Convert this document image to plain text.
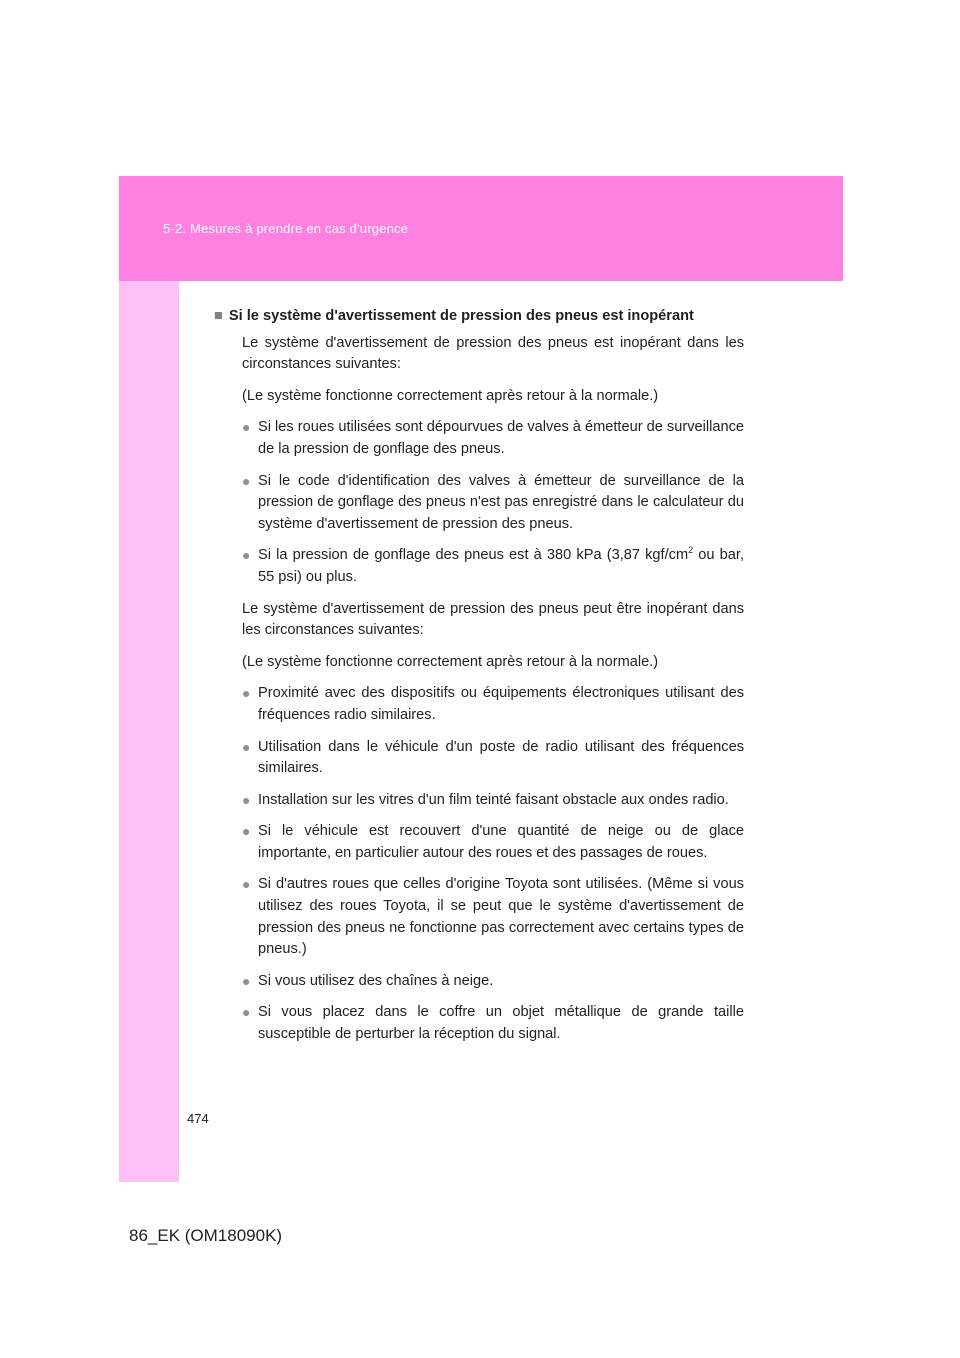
5-2. Mesures à prendre en cas d'urgence
■ Si le système d'avertissement de pression des pneus est inopérant
Le système d'avertissement de pression des pneus est inopérant dans les circonstances suivantes:
(Le système fonctionne correctement après retour à la normale.)
● Si les roues utilisées sont dépourvues de valves à émetteur de surveillance de la pression de gonflage des pneus.
● Si le code d'identification des valves à émetteur de surveillance de la pression de gonflage des pneus n'est pas enregistré dans le calculateur du système d'avertissement de pression des pneus.
● Si la pression de gonflage des pneus est à 380 kPa (3,87 kgf/$cm^2$ ou bar, 55 psi) ou plus.
Le système d'avertissement de pression des pneus peut être inopérant dans les circonstances suivantes:
(Le système fonctionne correctement après retour à la normale.)
● Proximité avec des dispositifs ou équipements électroniques utilisant des fréquences radio similaires.
● Utilisation dans le véhicule d'un poste de radio utilisant des fréquences similaires.
● Installation sur les vitres d'un film teinté faisant obstacle aux ondes radio.
● Si le véhicule est recouvert d'une quantité de neige ou de glace importante, en particulier autour des roues et des passages de roues.
● Si d'autres roues que celles d'origine Toyota sont utilisées. (Même si vous utilisez des roues Toyota, il se peut que le système d'avertissement de pression des pneus ne fonctionne pas correctement avec certains types de pneus.)
● Si vous utilisez des chaînes à neige.
● Si vous placez dans le coffre un objet métallique de grande taille susceptible de perturber la réception du signal.
474
86_EK (OM18090K)
